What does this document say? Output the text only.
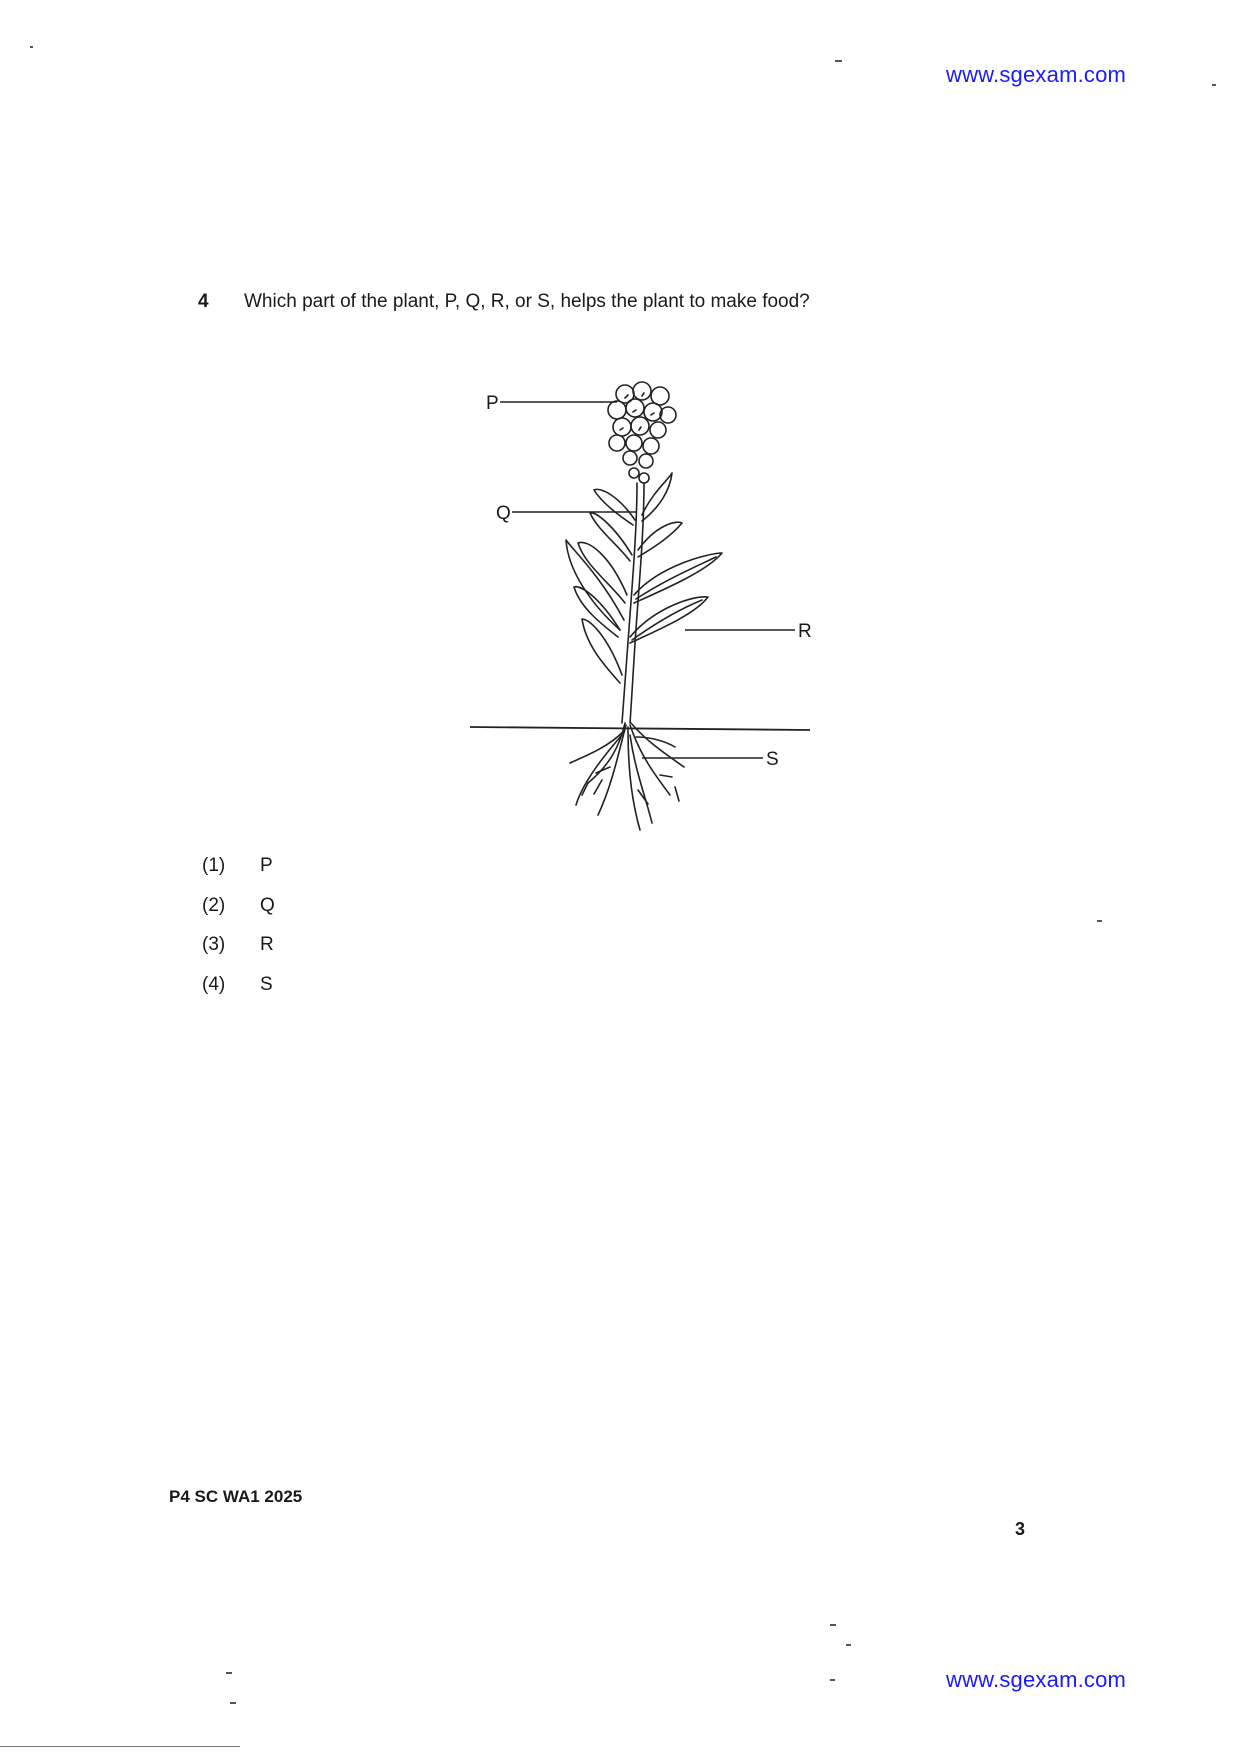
www.sgexam.com
4 Which part of the plant, P, Q, R, or S, helps the plant to make food?
P
Q
R
S
(1) P
(2) Q
(3) R
(4) S
P4 SC WA1 2025
3
www.sgexam.com
